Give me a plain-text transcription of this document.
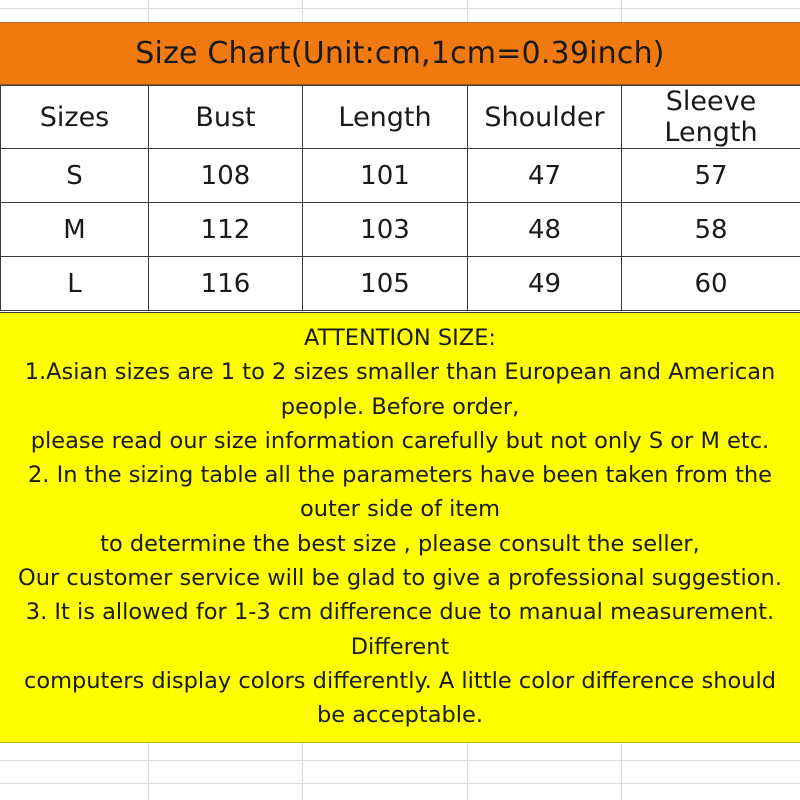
Size Chart(Unit:cm,1cm=0.39inch)
Sizes	Bust	Length	Shoulder	Sleeve Length
S	108	101	47	57
M	112	103	48	58
L	116	105	49	60
ATTENTION SIZE:
1.Asian sizes are 1 to 2 sizes smaller than European and American
people. Before order,
please read our size information carefully but not only S or M etc.
2. In the sizing table all the parameters have been taken from the
outer side of item
to determine the best size , please consult the seller,
Our customer service will be glad to give a professional suggestion.
3. It is allowed for 1-3 cm difference due to manual measurement.
Different
computers display colors differently. A little color difference should
be acceptable.
